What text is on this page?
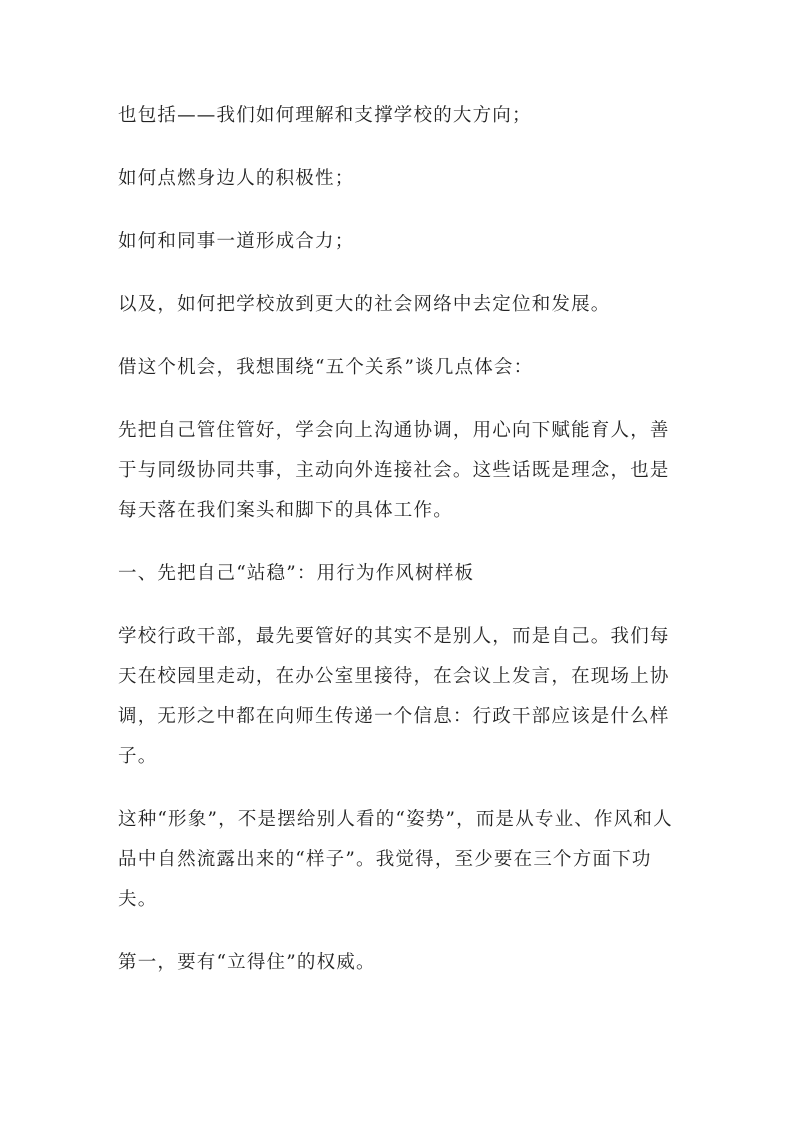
也包括——我们如何理解和支撑学校的大方向；

如何点燃身边人的积极性；

如何和同事一道形成合力；

以及，如何把学校放到更大的社会网络中去定位和发展。

借这个机会，我想围绕“五个关系”谈几点体会：

先把自己管住管好，学会向上沟通协调，用心向下赋能育人，善于与同级协同共事，主动向外连接社会。这些话既是理念，也是每天落在我们案头和脚下的具体工作。

一、先把自己“站稳”：用行为作风树样板

学校行政干部，最先要管好的其实不是别人，而是自己。我们每天在校园里走动，在办公室里接待，在会议上发言，在现场上协调，无形之中都在向师生传递一个信息：行政干部应该是什么样子。

这种“形象”，不是摆给别人看的“姿势”，而是从专业、作风和人品中自然流露出来的“样子”。我觉得，至少要在三个方面下功夫。

第一，要有“立得住”的权威。
